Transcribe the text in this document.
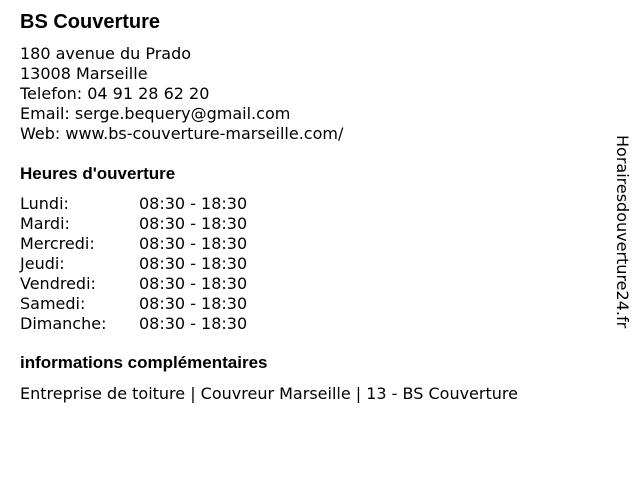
BS Couverture
180 avenue du Prado
13008 Marseille
Telefon: 04 91 28 62 20
Email: serge.bequery@gmail.com
Web: www.bs-couverture-marseille.com/
Heures d'ouverture
Lundi:	08:30 - 18:30
Mardi:	08:30 - 18:30
Mercredi:	08:30 - 18:30
Jeudi:	08:30 - 18:30
Vendredi:	08:30 - 18:30
Samedi:	08:30 - 18:30
Dimanche:	08:30 - 18:30
informations complémentaires
Entreprise de toiture | Couvreur Marseille | 13 - BS Couverture
Horairesdouverture24.fr
